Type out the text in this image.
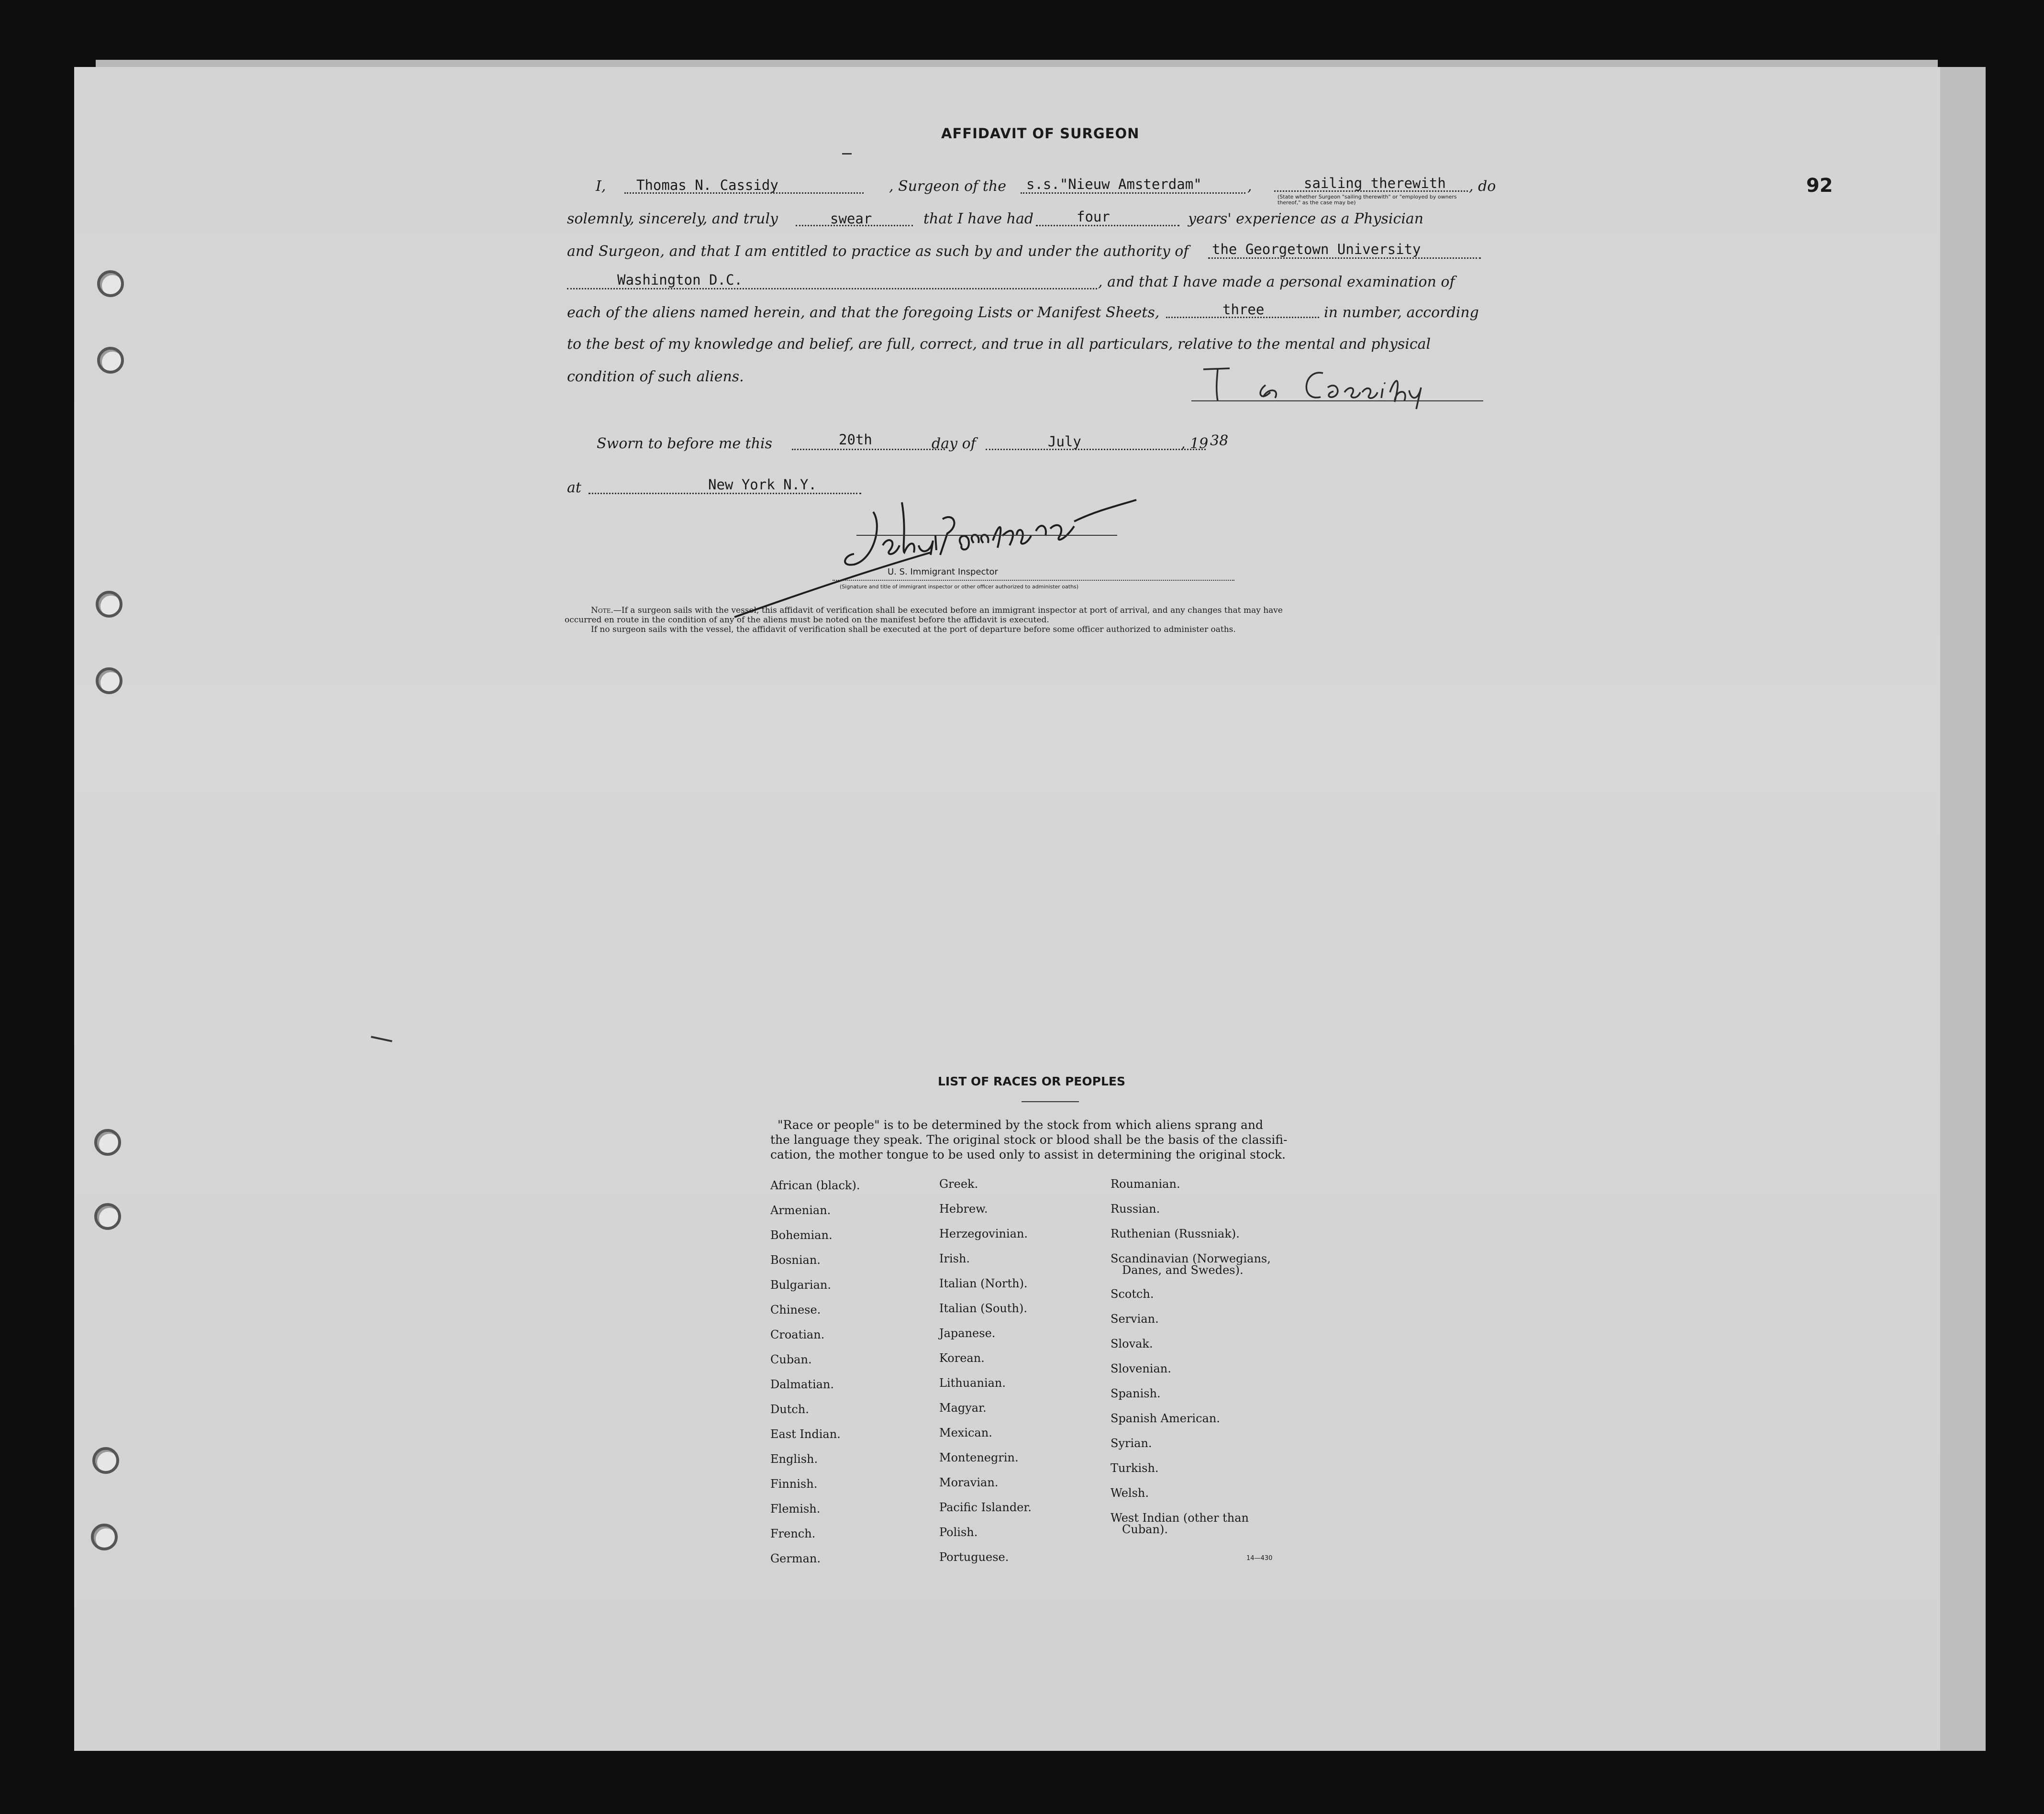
92
AFFIDAVIT OF SURGEON
I, Thomas N. Cassidy	, Surgeon of the s.s."Nieuw Amsterdam"	,	sailing therewith
(State whether Surgeon "sailing therewith" or "employed by owners thereof," as the case may be)
, do
solemnly, sincerely, and truly	swear	that I have had	four	years' experience as a Physician
and Surgeon, and that I am entitled to practice as such by and under the authority of the Georgetown University
Washington D.C.	, and that I have made a personal examination of
each of the aliens named herein, and that the foregoing Lists or Manifest Sheets,	three	in number, according
to the best of my knowledge and belief, are full, correct, and true in all particulars, relative to the mental and physical
condition of such aliens.
Sworn to before me this	20th	day of	July	, 19 38
at	New York N.Y.
U. S. Immigrant Inspector
(Signature and title of immigrant inspector or other officer authorized to administer oaths)
Note.—If a surgeon sails with the vessel, this affidavit of verification shall be executed before an immigrant inspector at port of arrival, and any changes that may have
occurred en route in the condition of any of the aliens must be noted on the manifest before the affidavit is executed.
If no surgeon sails with the vessel, the affidavit of verification shall be executed at the port of departure before some officer authorized to administer oaths.
LIST OF RACES OR PEOPLES
"Race or people" is to be determined by the stock from which aliens sprang and
the language they speak. The original stock or blood shall be the basis of the classifi-
cation, the mother tongue to be used only to assist in determining the original stock.
African (black).
Armenian.
Bohemian.
Bosnian.
Bulgarian.
Chinese.
Croatian.
Cuban.
Dalmatian.
Dutch.
East Indian.
English.
Finnish.
Flemish.
French.
German.
Greek.
Hebrew.
Herzegovinian.
Irish.
Italian (North).
Italian (South).
Japanese.
Korean.
Lithuanian.
Magyar.
Mexican.
Montenegrin.
Moravian.
Pacific Islander.
Polish.
Portuguese.
Roumanian.
Russian.
Ruthenian (Russniak).
Scandinavian (Norwegians,
Danes, and Swedes).
Scotch.
Servian.
Slovak.
Slovenian.
Spanish.
Spanish American.
Syrian.
Turkish.
Welsh.
West Indian (other than
Cuban).
14—430
